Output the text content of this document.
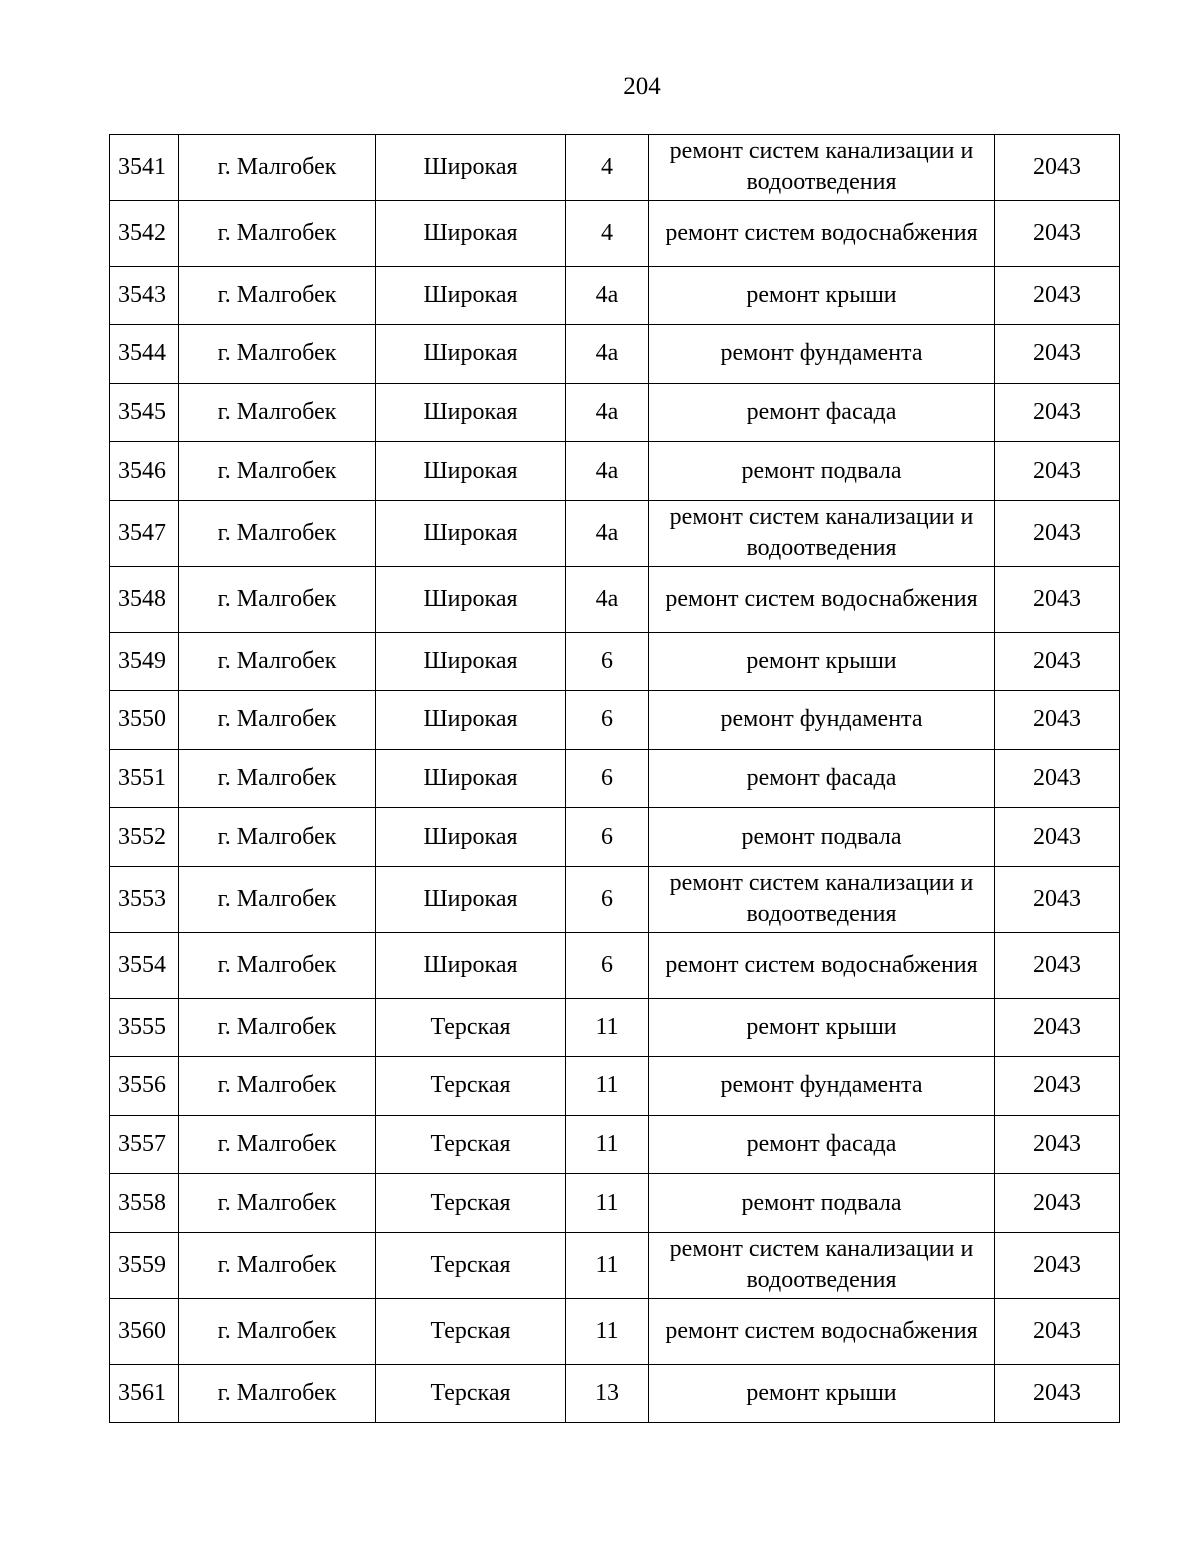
204
3541	г. Малгобек	Широкая	4	ремонт систем канализации и водоотведения	2043
3542	г. Малгобек	Широкая	4	ремонт систем водоснабжения	2043
3543	г. Малгобек	Широкая	4а	ремонт крыши	2043
3544	г. Малгобек	Широкая	4а	ремонт фундамента	2043
3545	г. Малгобек	Широкая	4а	ремонт фасада	2043
3546	г. Малгобек	Широкая	4а	ремонт подвала	2043
3547	г. Малгобек	Широкая	4а	ремонт систем канализации и водоотведения	2043
3548	г. Малгобек	Широкая	4а	ремонт систем водоснабжения	2043
3549	г. Малгобек	Широкая	6	ремонт крыши	2043
3550	г. Малгобек	Широкая	6	ремонт фундамента	2043
3551	г. Малгобек	Широкая	6	ремонт фасада	2043
3552	г. Малгобек	Широкая	6	ремонт подвала	2043
3553	г. Малгобек	Широкая	6	ремонт систем канализации и водоотведения	2043
3554	г. Малгобек	Широкая	6	ремонт систем водоснабжения	2043
3555	г. Малгобек	Терская	11	ремонт крыши	2043
3556	г. Малгобек	Терская	11	ремонт фундамента	2043
3557	г. Малгобек	Терская	11	ремонт фасада	2043
3558	г. Малгобек	Терская	11	ремонт подвала	2043
3559	г. Малгобек	Терская	11	ремонт систем канализации и водоотведения	2043
3560	г. Малгобек	Терская	11	ремонт систем водоснабжения	2043
3561	г. Малгобек	Терская	13	ремонт крыши	2043
